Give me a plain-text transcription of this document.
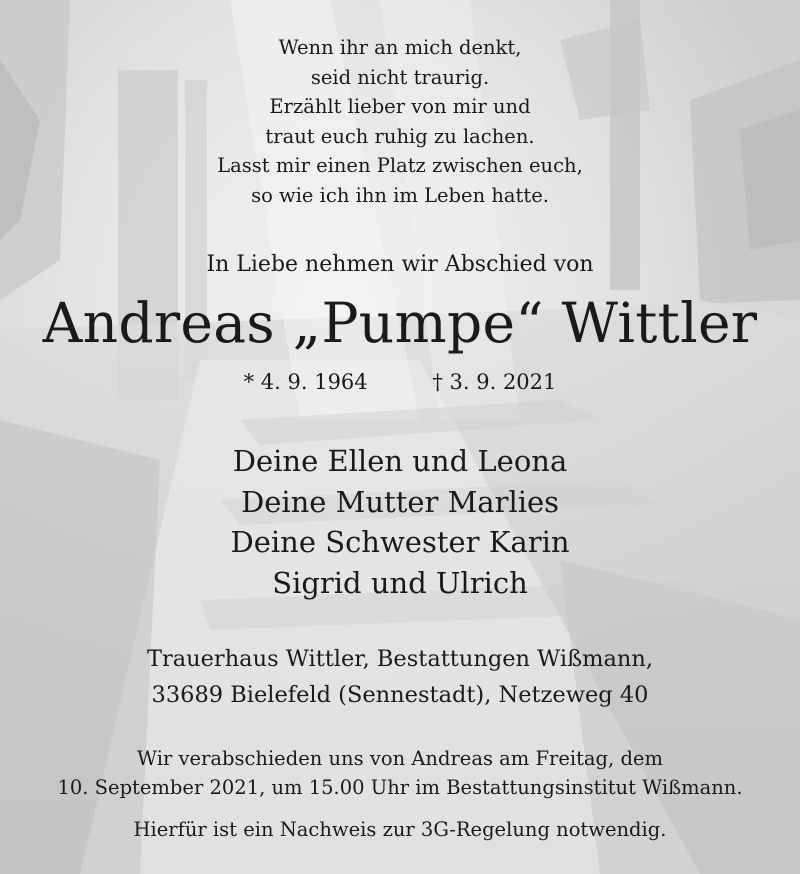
Wenn ihr an mich denkt,
seid nicht traurig.
Erzählt lieber von mir und
traut euch ruhig zu lachen.
Lasst mir einen Platz zwischen euch,
so wie ich ihn im Leben hatte.
In Liebe nehmen wir Abschied von
Andreas „Pumpe“ Wittler
* 4. 9. 1964	† 3. 9. 2021
Deine Ellen und Leona
Deine Mutter Marlies
Deine Schwester Karin
Sigrid und Ulrich
Trauerhaus Wittler, Bestattungen Wißmann,
33689 Bielefeld (Sennestadt), Netzeweg 40
Wir verabschieden uns von Andreas am Freitag, dem
10. September 2021, um 15.00 Uhr im Bestattungsinstitut Wißmann.
Hierfür ist ein Nachweis zur 3G-Regelung notwendig.
